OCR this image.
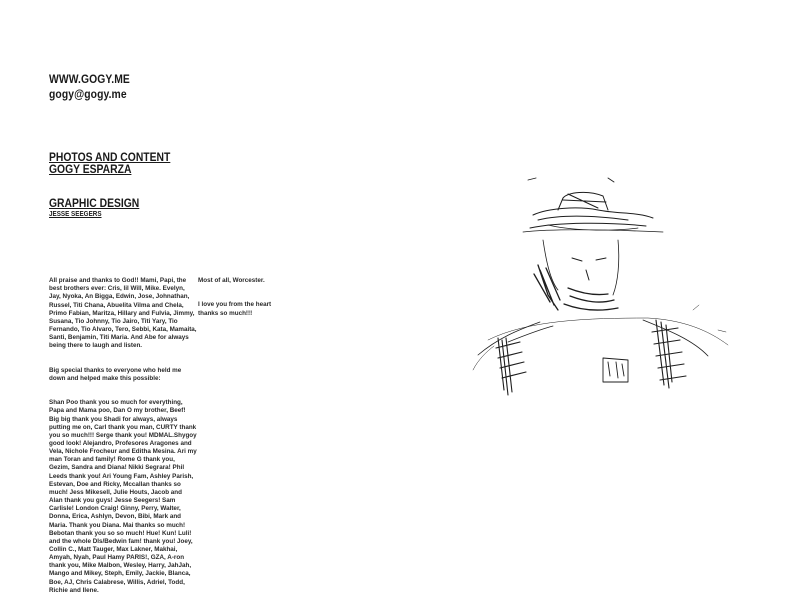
WWW.GOGY.ME
gogy@gogy.me
PHOTOS AND CONTENT
GOGY ESPARZA
GRAPHIC DESIGN
JESSE SEEGERS

All praise and thanks to God!! Mami, Papi, the best brothers ever: Cris, lil Will, Mike. Evelyn, Jay, Nyoka, An Bigga, Edwin, Jose, Johnathan, Russel, Titi Chana, Abuelita Vilma and Chela, Primo Fabian, Maritza, Hillary and Fulvia, Jimmy, Susana, Tio Johnny, Tio Jairo, Titi Yary, Tio Fernando, Tio Alvaro, Tero, Sebbi, Kata, Mamaita, Santi, Benjamin, Titi Maria. And Abe for always being there to laugh and listen.

Big special thanks to everyone who held me down and helped make this possible:

Shan Poo thank you so much for everything, Papa and Mama poo, Dan O my brother, Beef! Big big thank you Shadi for always, always putting me on, Carl thank you man, CURTY thank you so much!!! Serge thank you! MDMAL.Shygoy good look! Alejandro, Profesores Aragones and Vela, Nichole Frocheur and Editha Mesina. Ari my man Toran and family! Rome G thank you, Gezim, Sandra and Diana! Nikki Segrara! Phil Leeds thank you! Ari Young Fam, Ashley Parish, Estevan, Doe and Ricky, Mccallan thanks so much! Jess Mikesell, Julie Houts, Jacob and Alan thank you guys! Jesse Seegers! Sam Carlisle! London Craig! Ginny, Perry, Walter, Donna, Erica, Ashlyn, Devon, Bibi, Mark and Maria. Thank you Diana. Mai thanks so much! Bebotan thank you so so much! Hue! Kun! Luli! and the whole Dls/Bedwin fam! thank you! Joey, Collin C., Matt Tauger, Max Lakner, Makhai, Amyah, Nyah, Paul Hamy PARIS!, GZA, A-ron thank you, Mike Malbon, Wesley, Harry, JahJah, Mango and Mikey, Steph, Emily, Jackie, Blanca, Boe, AJ, Chris Calabrese, Willis, Adriel, Todd, Richie and Ilene.

Most of all, Worcester.

I love you from the heart thanks so much!!!
